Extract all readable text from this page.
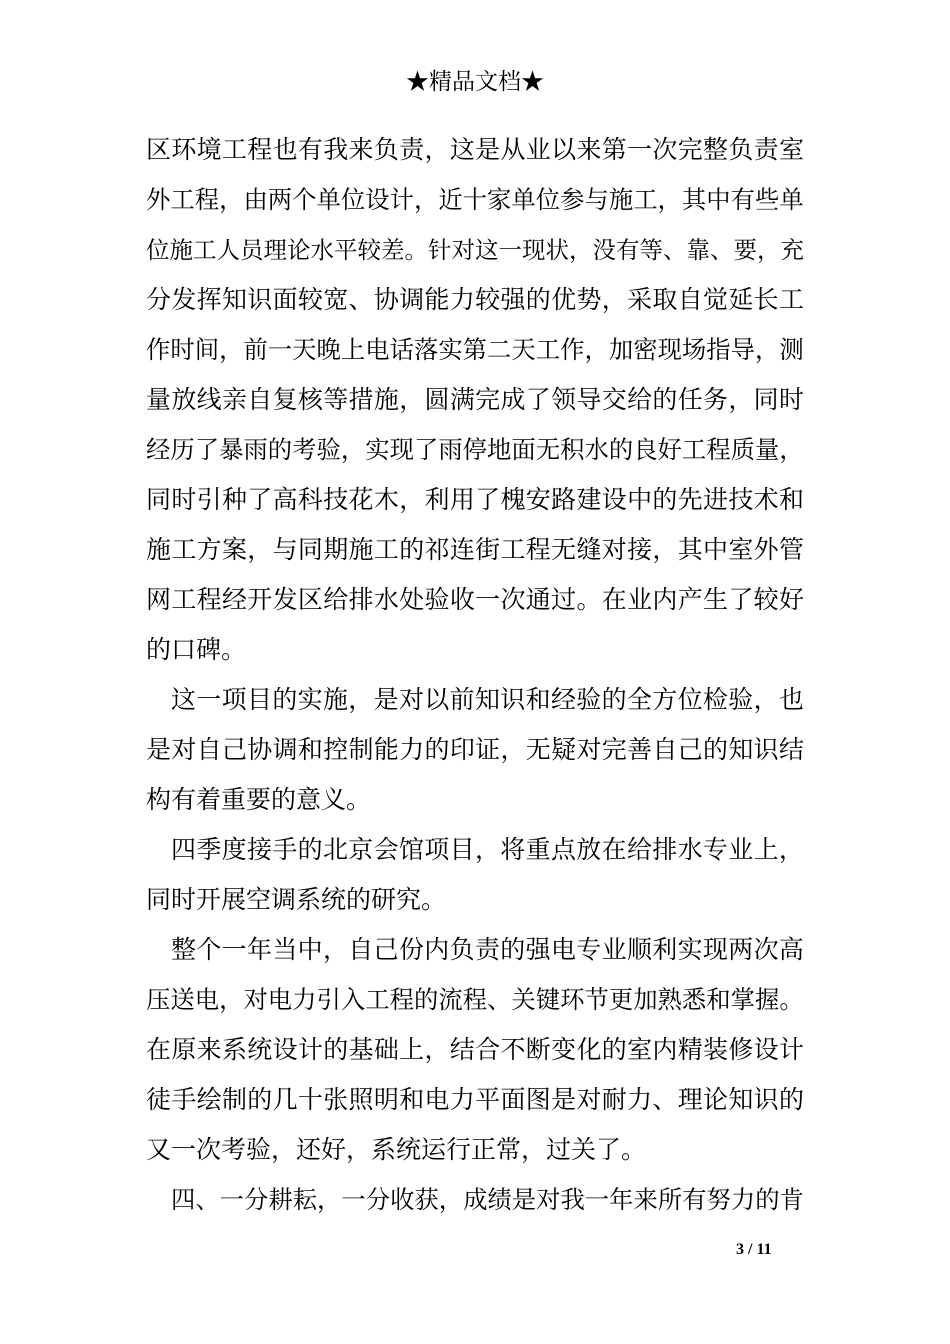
★精品文档★
区环境工程也有我来负责，这是从业以来第一次完整负责室
外工程，由两个单位设计，近十家单位参与施工，其中有些单
位施工人员理论水平较差。针对这一现状，没有等、靠、要，充
分发挥知识面较宽、协调能力较强的优势，采取自觉延长工
作时间，前一天晚上电话落实第二天工作，加密现场指导，测
量放线亲自复核等措施，圆满完成了领导交给的任务，同时
经历了暴雨的考验，实现了雨停地面无积水的良好工程质量，
同时引种了高科技花木，利用了槐安路建设中的先进技术和
施工方案，与同期施工的祁连街工程无缝对接，其中室外管
网工程经开发区给排水处验收一次通过。在业内产生了较好
的口碑。
这一项目的实施，是对以前知识和经验的全方位检验，也
是对自己协调和控制能力的印证，无疑对完善自己的知识结
构有着重要的意义。
四季度接手的北京会馆项目，将重点放在给排水专业上，
同时开展空调系统的研究。
整个一年当中，自己份内负责的强电专业顺利实现两次高
压送电，对电力引入工程的流程、关键环节更加熟悉和掌握。
在原来系统设计的基础上，结合不断变化的室内精装修设计
徒手绘制的几十张照明和电力平面图是对耐力、理论知识的
又一次考验，还好，系统运行正常，过关了。
四、一分耕耘，一分收获，成绩是对我一年来所有努力的肯
3 / 11
